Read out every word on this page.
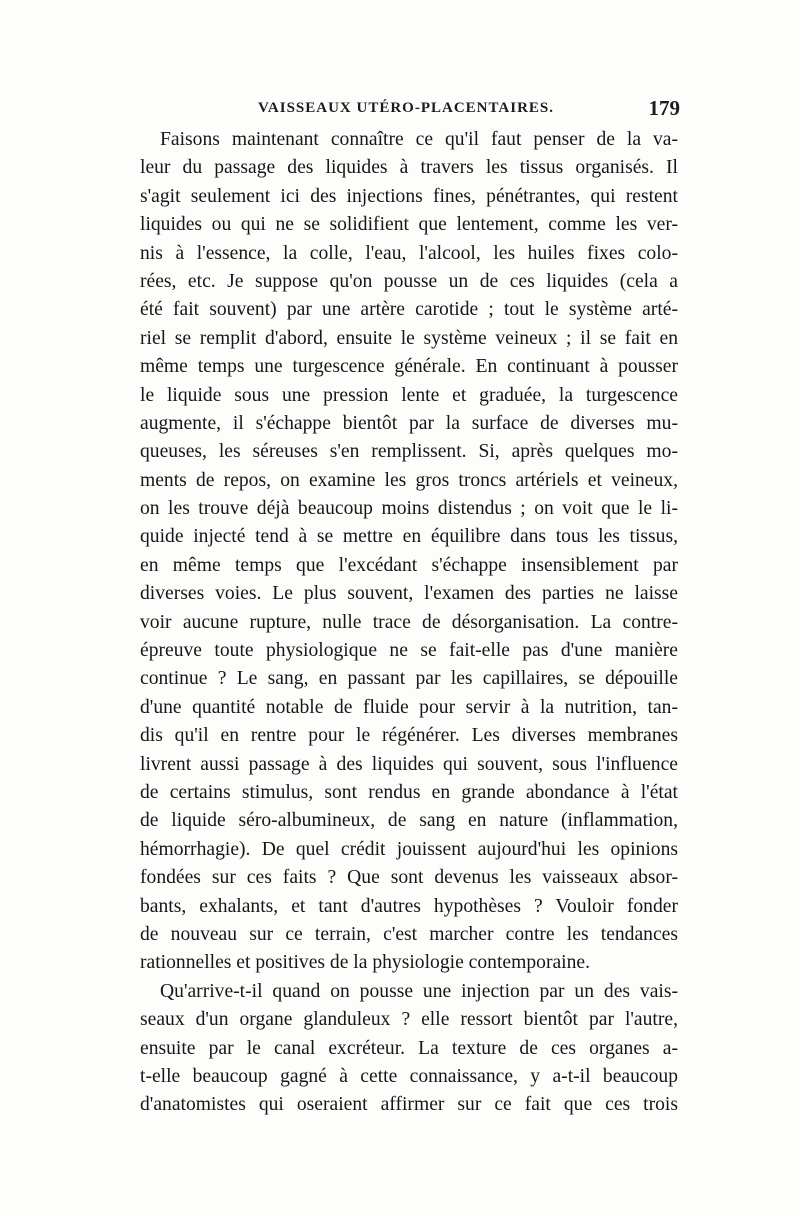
VAISSEAUX UTÉRO-PLACENTAIRES.	179
Faisons maintenant connaître ce qu'il faut penser de la va-
leur du passage des liquides à travers les tissus organisés. Il
s'agit seulement ici des injections fines, pénétrantes, qui restent
liquides ou qui ne se solidifient que lentement, comme les ver-
nis à l'essence, la colle, l'eau, l'alcool, les huiles fixes colo-
rées, etc. Je suppose qu'on pousse un de ces liquides (cela a
été fait souvent) par une artère carotide ; tout le système arté-
riel se remplit d'abord, ensuite le système veineux ; il se fait en
même temps une turgescence générale. En continuant à pousser
le liquide sous une pression lente et graduée, la turgescence
augmente, il s'échappe bientôt par la surface de diverses mu-
queuses, les séreuses s'en remplissent. Si, après quelques mo-
ments de repos, on examine les gros troncs artériels et veineux,
on les trouve déjà beaucoup moins distendus ; on voit que le li-
quide injecté tend à se mettre en équilibre dans tous les tissus,
en même temps que l'excédant s'échappe insensiblement par
diverses voies. Le plus souvent, l'examen des parties ne laisse
voir aucune rupture, nulle trace de désorganisation. La contre-
épreuve toute physiologique ne se fait-elle pas d'une manière
continue ? Le sang, en passant par les capillaires, se dépouille
d'une quantité notable de fluide pour servir à la nutrition, tan-
dis qu'il en rentre pour le régénérer. Les diverses membranes
livrent aussi passage à des liquides qui souvent, sous l'influence
de certains stimulus, sont rendus en grande abondance à l'état
de liquide séro-albumineux, de sang en nature (inflammation,
hémorrhagie). De quel crédit jouissent aujourd'hui les opinions
fondées sur ces faits ? Que sont devenus les vaisseaux absor-
bants, exhalants, et tant d'autres hypothèses ? Vouloir fonder
de nouveau sur ce terrain, c'est marcher contre les tendances
rationnelles et positives de la physiologie contemporaine.
Qu'arrive-t-il quand on pousse une injection par un des vais-
seaux d'un organe glanduleux ? elle ressort bientôt par l'autre,
ensuite par le canal excréteur. La texture de ces organes a-
t-elle beaucoup gagné à cette connaissance, y a-t-il beaucoup
d'anatomistes qui oseraient affirmer sur ce fait que ces trois
